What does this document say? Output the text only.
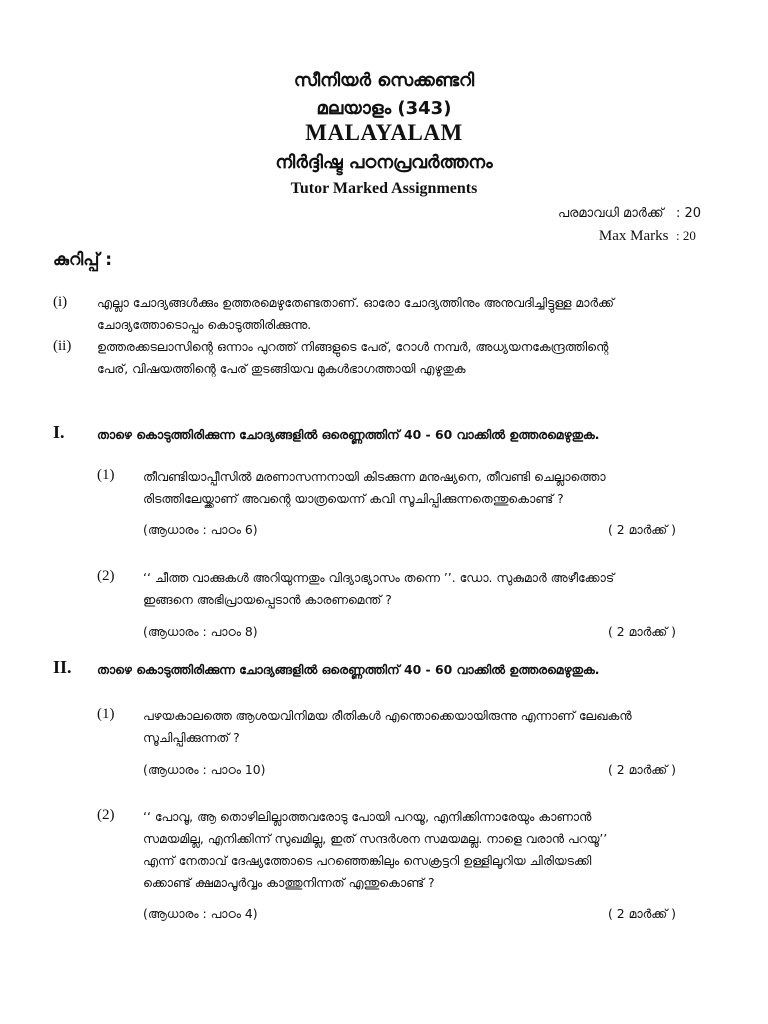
സീനിയർ സെക്കണ്ടറി
മലയാളം (343)
MALAYALAM
നിർദ്ദിഷ്ട പഠനപ്രവർത്തനം
Tutor Marked Assignments
പരമാവധി മാർക്ക് : 20
Max Marks : 20
കുറിപ്പ് :
(i) എല്ലാ ചോദ്യങ്ങൾക്കും ഉത്തരമെഴുതേണ്ടതാണ്. ഓരോ ചോദ്യത്തിനും അനുവദിച്ചിട്ടുള്ള മാർക്ക്
ചോദ്യത്തോടൊപ്പം കൊടുത്തിരിക്കുന്നു.
(ii) ഉത്തരക്കടലാസിന്റെ ഒന്നാം പുറത്ത് നിങ്ങളുടെ പേര്, റോൾ നമ്പർ, അധ്യയനകേന്ദ്രത്തിന്റെ
പേര്, വിഷയത്തിന്റെ പേര് തുടങ്ങിയവ മുകൾഭാഗത്തായി എഴുതുക
I.	താഴെ കൊടുത്തിരിക്കുന്ന ചോദ്യങ്ങളിൽ ഒരെണ്ണത്തിന് 40 - 60 വാക്കിൽ ഉത്തരമെഴുതുക.
(1) തീവണ്ടിയാപ്പീസിൽ മരണാസന്നനായി കിടക്കുന്ന മനുഷ്യനെ, തീവണ്ടി ചെല്ലാത്തൊ
രിടത്തിലേയ്ക്കാണ് അവന്റെ യാത്രയെന്ന് കവി സൂചിപ്പിക്കുന്നതെന്തുകൊണ്ട് ?
(ആധാരം : പാഠം 6)	( 2 മാർക്ക് )
(2) ‘‘ ചീത്ത വാക്കുകൾ അറിയുന്നതും വിദ്യാഭ്യാസം തന്നെ ’’. ഡോ. സുകുമാർ അഴീക്കോട്
ഇങ്ങനെ അഭിപ്രായപ്പെടാൻ കാരണമെന്ത് ?
(ആധാരം : പാഠം 8)	( 2 മാർക്ക് )
II. താഴെ കൊടുത്തിരിക്കുന്ന ചോദ്യങ്ങളിൽ ഒരെണ്ണത്തിന് 40 - 60 വാക്കിൽ ഉത്തരമെഴുതുക.
(1) പഴയകാലത്തെ ആശയവിനിമയ രീതികൾ എന്തൊക്കെയായിരുന്നു എന്നാണ് ലേഖകൻ
സൂചിപ്പിക്കുന്നത് ?
(ആധാരം : പാഠം 10)	( 2 മാർക്ക് )
(2) ‘‘ പോവൂ, ആ തൊഴിലില്ലാത്തവരോടു പോയി പറയൂ, എനിക്കിന്നാരേയും കാണാൻ
സമയമില്ല, എനിക്കിന്ന് സുഖമില്ല, ഇത് സന്ദർശന സമയമല്ല. നാളെ വരാൻ പറയൂ’’
എന്ന് നേതാവ് ദേഷ്യത്തോടെ പറഞ്ഞെങ്കിലും സെക്രട്ടറി ഉള്ളിലൂറിയ ചിരിയടക്കി
ക്കൊണ്ട് ക്ഷമാപൂർവ്വം കാത്തുനിന്നത് എന്തുകൊണ്ട് ?
(ആധാരം : പാഠം 4)	( 2 മാർക്ക് )
